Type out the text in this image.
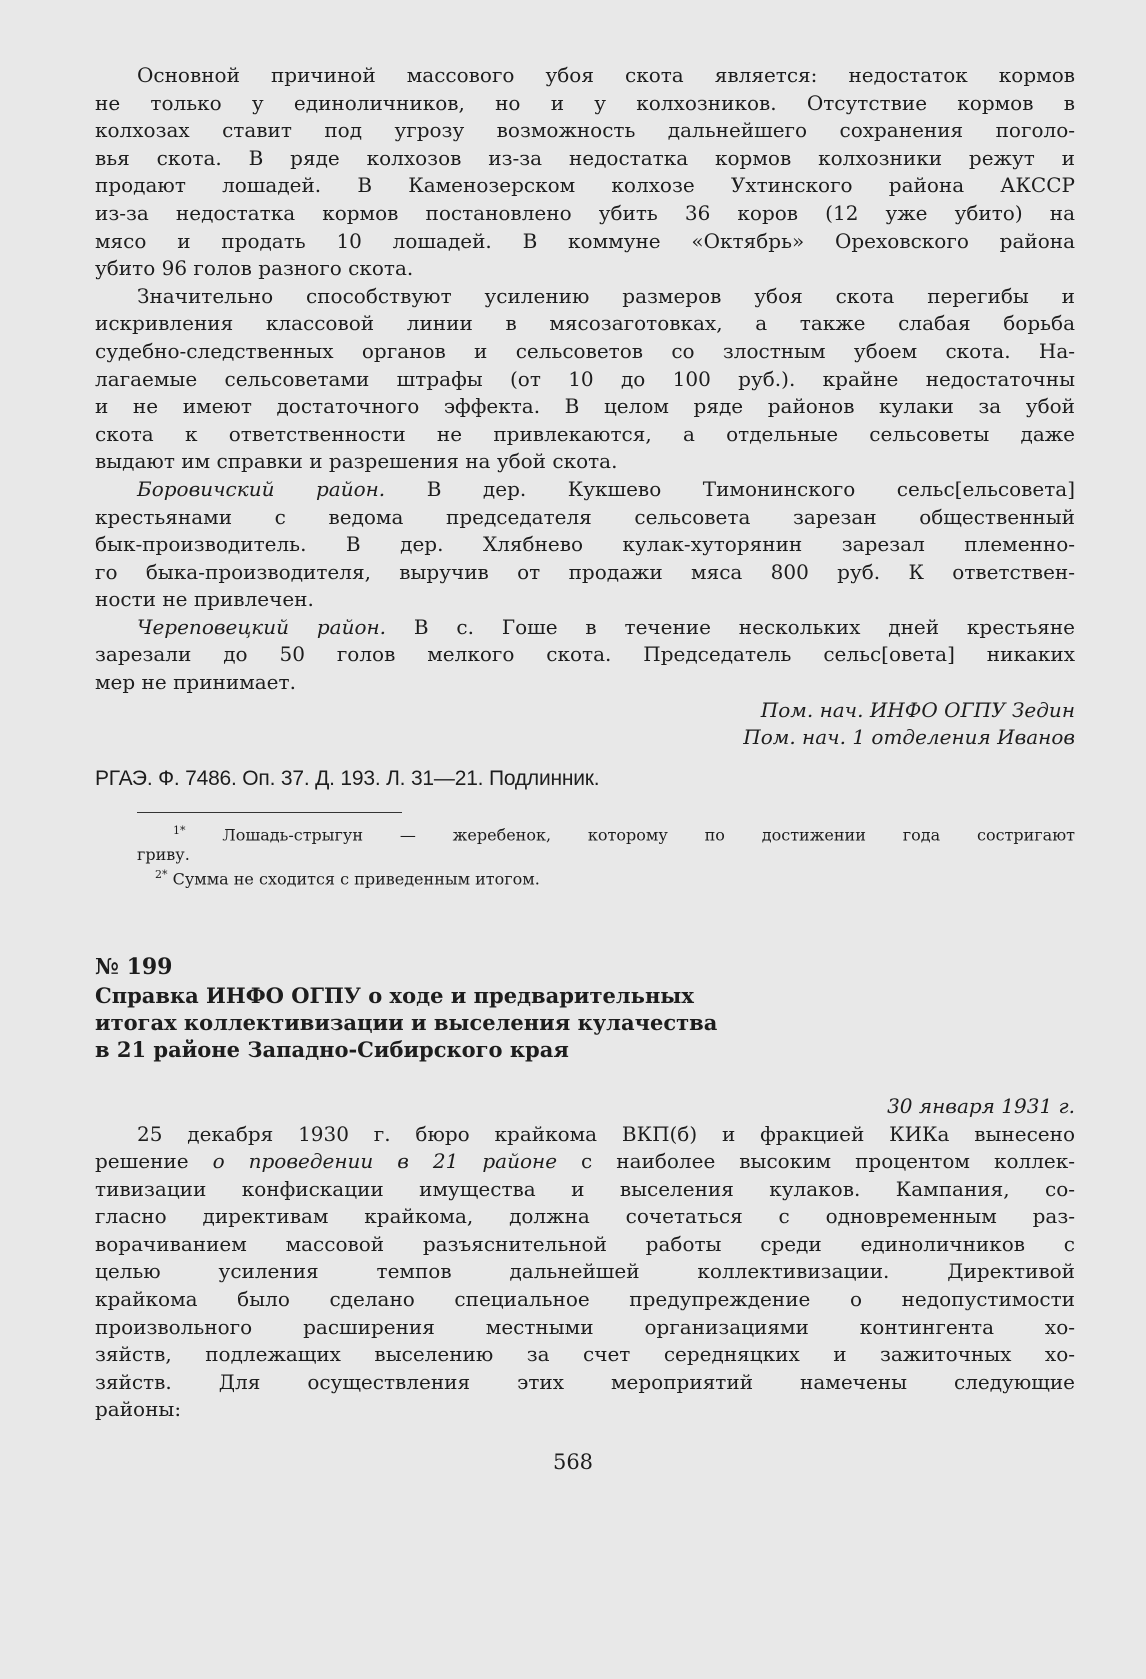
Основной причиной массового убоя скота является: недостаток кормов
не только у единоличников, но и у колхозников. Отсутствие кормов в
колхозах ставит под угрозу возможность дальнейшего сохранения поголо-
вья скота. В ряде колхозов из-за недостатка кормов колхозники режут и
продают лошадей. В Каменозерском колхозе Ухтинского района АКССР
из-за недостатка кормов постановлено убить 36 коров (12 уже убито) на
мясо и продать 10 лошадей. В коммуне «Октябрь» Ореховского района
убито 96 голов разного скота.
Значительно способствуют усилению размеров убоя скота перегибы и
искривления классовой линии в мясозаготовках, а также слабая борьба
судебно-следственных органов и сельсоветов со злостным убоем скота. На-
лагаемые сельсоветами штрафы (от 10 до 100 руб.). крайне недостаточны
и не имеют достаточного эффекта. В целом ряде районов кулаки за убой
скота к ответственности не привлекаются, а отдельные сельсоветы даже
выдают им справки и разрешения на убой скота.
Боровичский район. В дер. Кукшево Тимонинского сельс[ельсовета]
крестьянами с ведома председателя сельсовета зарезан общественный
бык-производитель. В дер. Хлябнево кулак-хуторянин зарезал племенно-
го быка-производителя, выручив от продажи мяса 800 руб. К ответствен-
ности не привлечен.
Череповецкий район. В с. Гоше в течение нескольких дней крестьяне
зарезали до 50 голов мелкого скота. Председатель сельс[овета] никаких
мер не принимает.
Пом. нач. ИНФО ОГПУ Зедин
Пом. нач. 1 отделения Иванов
РГАЭ. Ф. 7486. Оп. 37. Д. 193. Л. 31—21. Подлинник.
$^{1*}$ Лошадь-стрыгун — жеребенок, которому по достижении года состригают
гриву.
$^{2*}$ Сумма не сходится с приведенным итогом.
№ 199
Справка ИНФО ОГПУ о ходе и предварительных
итогах коллективизации и выселения кулачества
в 21 районе Западно-Сибирского края
30 января 1931 г.
25 декабря 1930 г. бюро крайкома ВКП(б) и фракцией КИКа вынесено
решение о проведении в 21 районе с наиболее высоким процентом коллек-
тивизации конфискации имущества и выселения кулаков. Кампания, со-
гласно директивам крайкома, должна сочетаться с одновременным раз-
ворачиванием массовой разъяснительной работы среди единоличников с
целью усиления темпов дальнейшей коллективизации. Директивой
крайкома было сделано специальное предупреждение о недопустимости
произвольного расширения местными организациями контингента хо-
зяйств, подлежащих выселению за счет середняцких и зажиточных хо-
зяйств. Для осуществления этих мероприятий намечены следующие
районы:
568
